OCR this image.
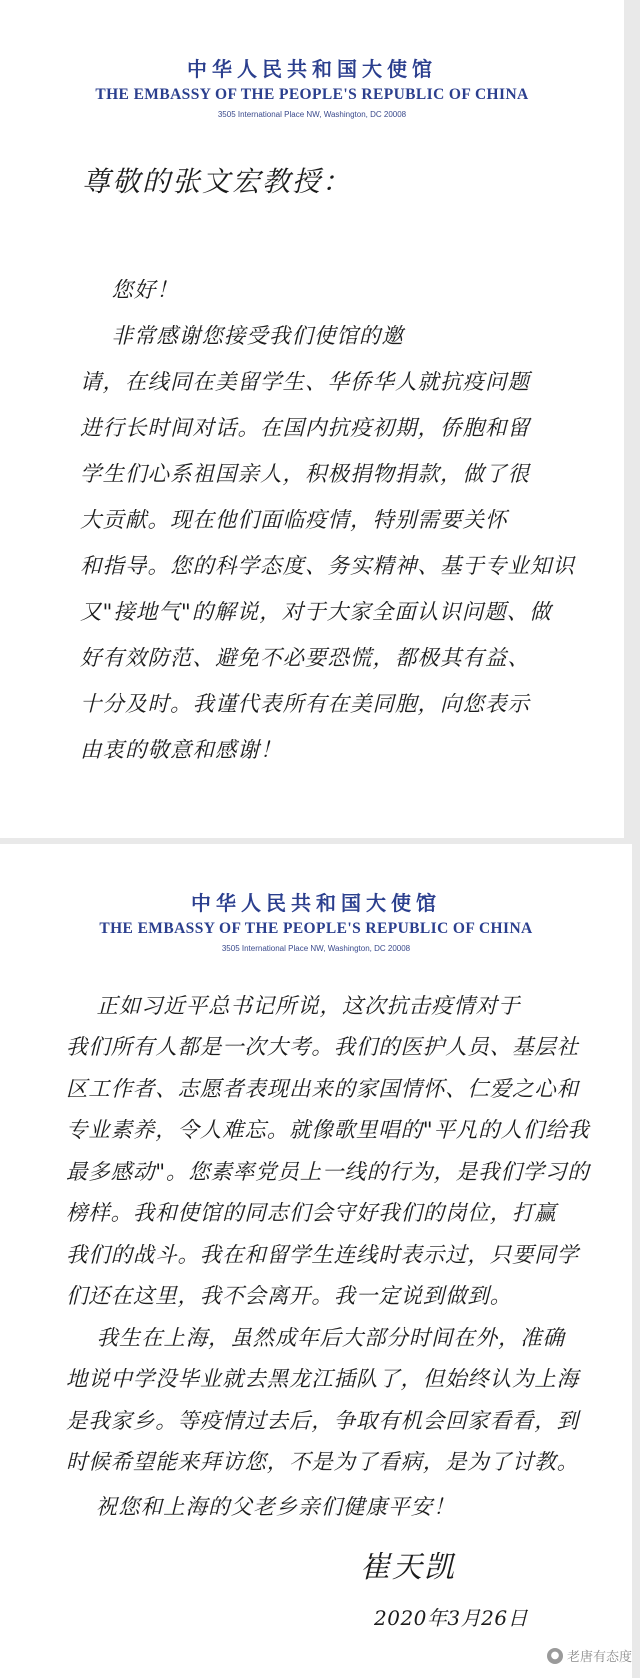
中华人民共和国大使馆
THE EMBASSY OF THE PEOPLE'S REPUBLIC OF CHINA
3505 International Place NW, Washington, DC 20008
中华人民共和国大使馆
THE EMBASSY OF THE PEOPLE'S REPUBLIC OF CHINA
3505 International Place NW, Washington, DC 20008
尊敬的张文宏教授：

您好！
非常感谢您接受我们使馆的邀
请，在线同在美留学生、华侨华人就抗疫问题
进行长时间对话。在国内抗疫初期，侨胞和留
学生们心系祖国亲人，积极捐物捐款，做了很
大贡献。现在他们面临疫情，特别需要关怀
和指导。您的科学态度、务实精神、基于专业知识
又"接地气"的解说，对于大家全面认识问题、做
好有效防范、避免不必要恐慌，都极其有益、
十分及时。我谨代表所有在美同胞，向您表示
由衷的敬意和感谢！

正如习近平总书记所说，这次抗击疫情对于
我们所有人都是一次大考。我们的医护人员、基层社
区工作者、志愿者表现出来的家国情怀、仁爱之心和
专业素养，令人难忘。就像歌里唱的"平凡的人们给我
最多感动"。您素率党员上一线的行为，是我们学习的
榜样。我和使馆的同志们会守好我们的岗位，打赢
我们的战斗。我在和留学生连线时表示过，只要同学
们还在这里，我不会离开。我一定说到做到。
我生在上海，虽然成年后大部分时间在外，准确
地说中学没毕业就去黑龙江插队了，但始终认为上海
是我家乡。等疫情过去后，争取有机会回家看看，到
时候希望能来拜访您，不是为了看病，是为了讨教。

祝您和上海的父老乡亲们健康平安！
崔天凯
2020年3月26日
● 老唐有态度
